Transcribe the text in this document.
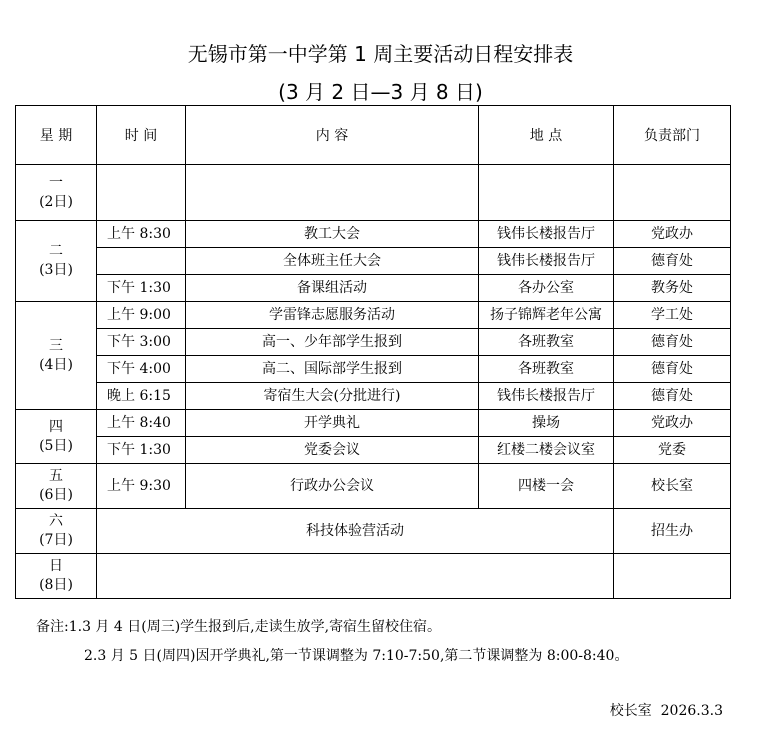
无锡市第一中学第 1 周主要活动日程安排表
(3 月 2 日—3 月 8 日)
星 期	时 间	内 容	地 点	负责部门
一
(2日)				
二
(3日)	上午 8:30	教工大会	钱伟长楼报告厅	党政办
		全体班主任大会	钱伟长楼报告厅	德育处
	下午 1:30	备课组活动	各办公室	教务处
三
(4日)	上午 9:00	学雷锋志愿服务活动	扬子锦辉老年公寓	学工处
	下午 3:00	高一、少年部学生报到	各班教室	德育处
	下午 4:00	高二、国际部学生报到	各班教室	德育处
	晚上 6:15	寄宿生大会(分批进行)	钱伟长楼报告厅	德育处
四
(5日)	上午 8:40	开学典礼	操场	党政办
	下午 1:30	党委会议	红楼二楼会议室	党委
五
(6日)	上午 9:30	行政办公会议	四楼一会	校长室
六
(7日)	科技体验营活动			招生办
日
(8日)				
备注:1.3 月 4 日(周三)学生报到后,走读生放学,寄宿生留校住宿。
2.3 月 5 日(周四)因开学典礼,第一节课调整为 7:10-7:50,第二节课调整为 8:00-8:40。
校长室  2026.3.3
